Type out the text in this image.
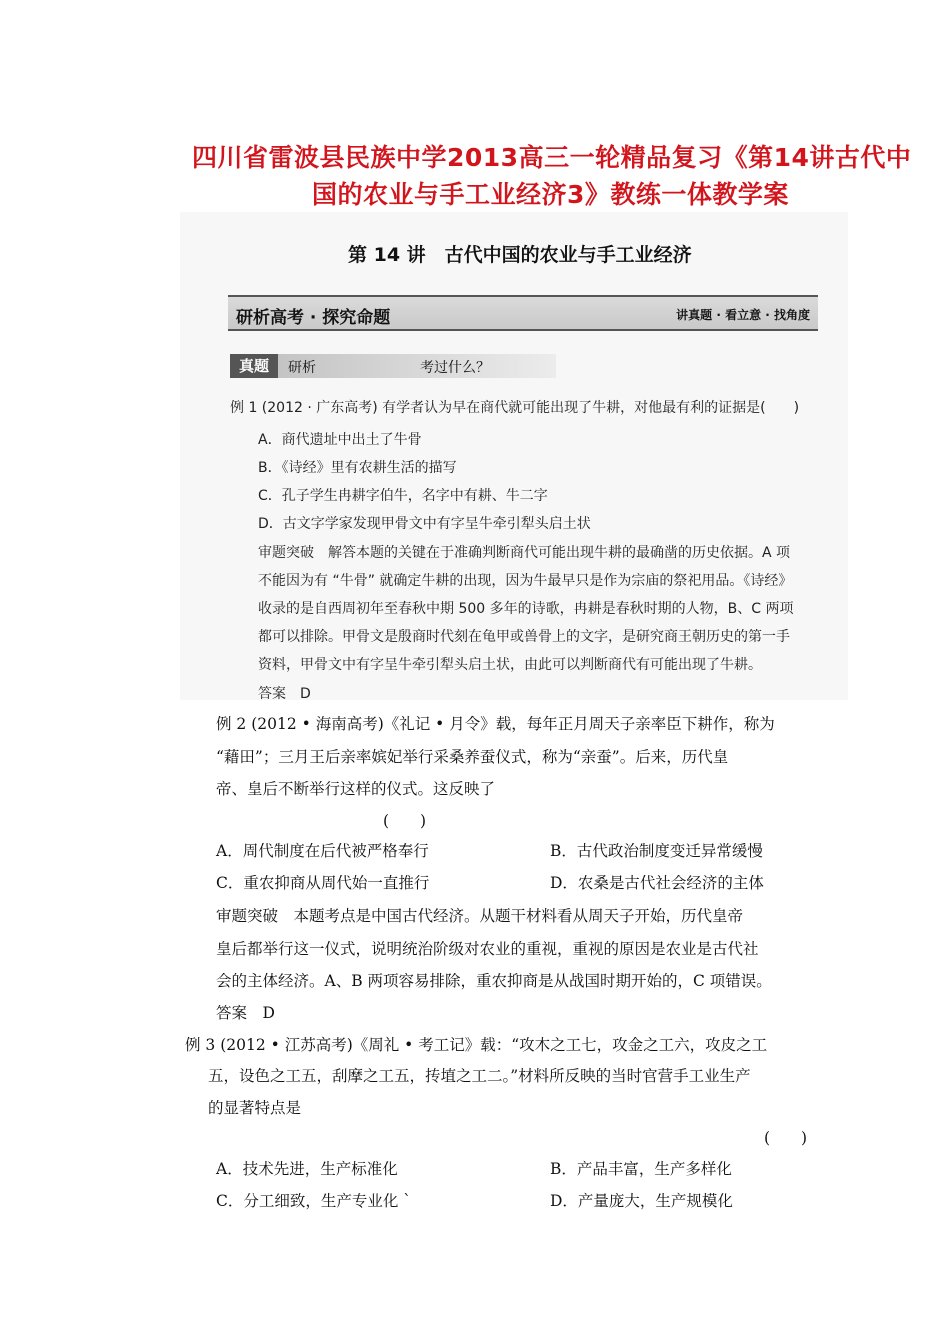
四川省雷波县民族中学2013高三一轮精品复习《第14讲古代中
国的农业与手工业经济3》教练一体教学案
第 14 讲　古代中国的农业与手工业经济
研析高考 · 探究命题	讲真题 · 看立意 · 找角度
真题	研析	考过什么？
例 1 (2012 · 广东高考) 有学者认为早在商代就可能出现了牛耕，对他最有利的证据是(　　)
A．商代遗址中出土了牛骨
B．《诗经》里有农耕生活的描写
C．孔子学生冉耕字伯牛，名字中有耕、牛二字
D．古文字学家发现甲骨文中有字呈牛牵引犁头启土状
审题突破　解答本题的关键在于准确判断商代可能出现牛耕的最确凿的历史依据。A 项
不能因为有 “牛骨” 就确定牛耕的出现，因为牛最早只是作为宗庙的祭祀用品。《诗经》
收录的是自西周初年至春秋中期 500 多年的诗歌，冉耕是春秋时期的人物，B、C 两项
都可以排除。甲骨文是殷商时代刻在龟甲或兽骨上的文字，是研究商王朝历史的第一手
资料，甲骨文中有字呈牛牵引犁头启土状，由此可以判断商代有可能出现了牛耕。
答案　D
例 2 (2012 • 海南高考)《礼记 • 月令》载，每年正月周天子亲率臣下耕作，称为
“藉田”；三月王后亲率嫔妃举行采桑养蚕仪式，称为“亲蚕”。后来，历代皇
帝、皇后不断举行这样的仪式。这反映了
(　　)
A．周代制度在后代被严格奉行	B．古代政治制度变迁异常缓慢
C．重农抑商从周代始一直推行	D．农桑是古代社会经济的主体
审题突破　本题考点是中国古代经济。从题干材料看从周天子开始，历代皇帝
皇后都举行这一仪式，说明统治阶级对农业的重视，重视的原因是农业是古代社
会的主体经济。A、B 两项容易排除，重农抑商是从战国时期开始的，C 项错误。
答案　D
例 3 (2012 • 江苏高考)《周礼 • 考工记》载：“攻木之工七，攻金之工六，攻皮之工
五，设色之工五，刮摩之工五，抟埴之工二。”材料所反映的当时官营手工业生产
的显著特点是
(　　)
A．技术先进，生产标准化	B．产品丰富，生产多样化
C．分工细致，生产专业化 `	D．产量庞大，生产规模化
